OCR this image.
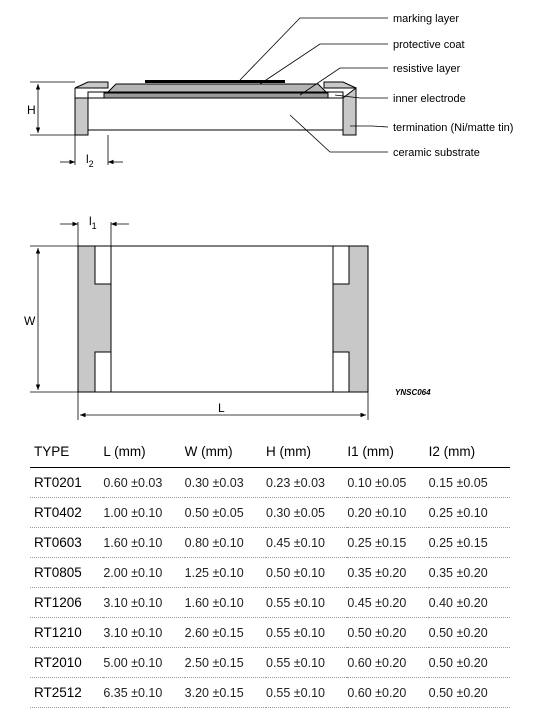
H
$l_2$
marking layer
protective coat
resistive layer
inner electrode
termination (Ni/matte tin)
ceramic substrate
$l_1$
W
L
YNSC064
TYPE	L (mm)	W (mm)	H (mm)	I1 (mm)	I2 (mm)
RT0201	0.60 ±0.03	0.30 ±0.03	0.23 ±0.03	0.10 ±0.05	0.15 ±0.05
RT0402	1.00 ±0.10	0.50 ±0.05	0.30 ±0.05	0.20 ±0.10	0.25 ±0.10
RT0603	1.60 ±0.10	0.80 ±0.10	0.45 ±0.10	0.25 ±0.15	0.25 ±0.15
RT0805	2.00 ±0.10	1.25 ±0.10	0.50 ±0.10	0.35 ±0.20	0.35 ±0.20
RT1206	3.10 ±0.10	1.60 ±0.10	0.55 ±0.10	0.45 ±0.20	0.40 ±0.20
RT1210	3.10 ±0.10	2.60 ±0.15	0.55 ±0.10	0.50 ±0.20	0.50 ±0.20
RT2010	5.00 ±0.10	2.50 ±0.15	0.55 ±0.10	0.60 ±0.20	0.50 ±0.20
RT2512	6.35 ±0.10	3.20 ±0.15	0.55 ±0.10	0.60 ±0.20	0.50 ±0.20
